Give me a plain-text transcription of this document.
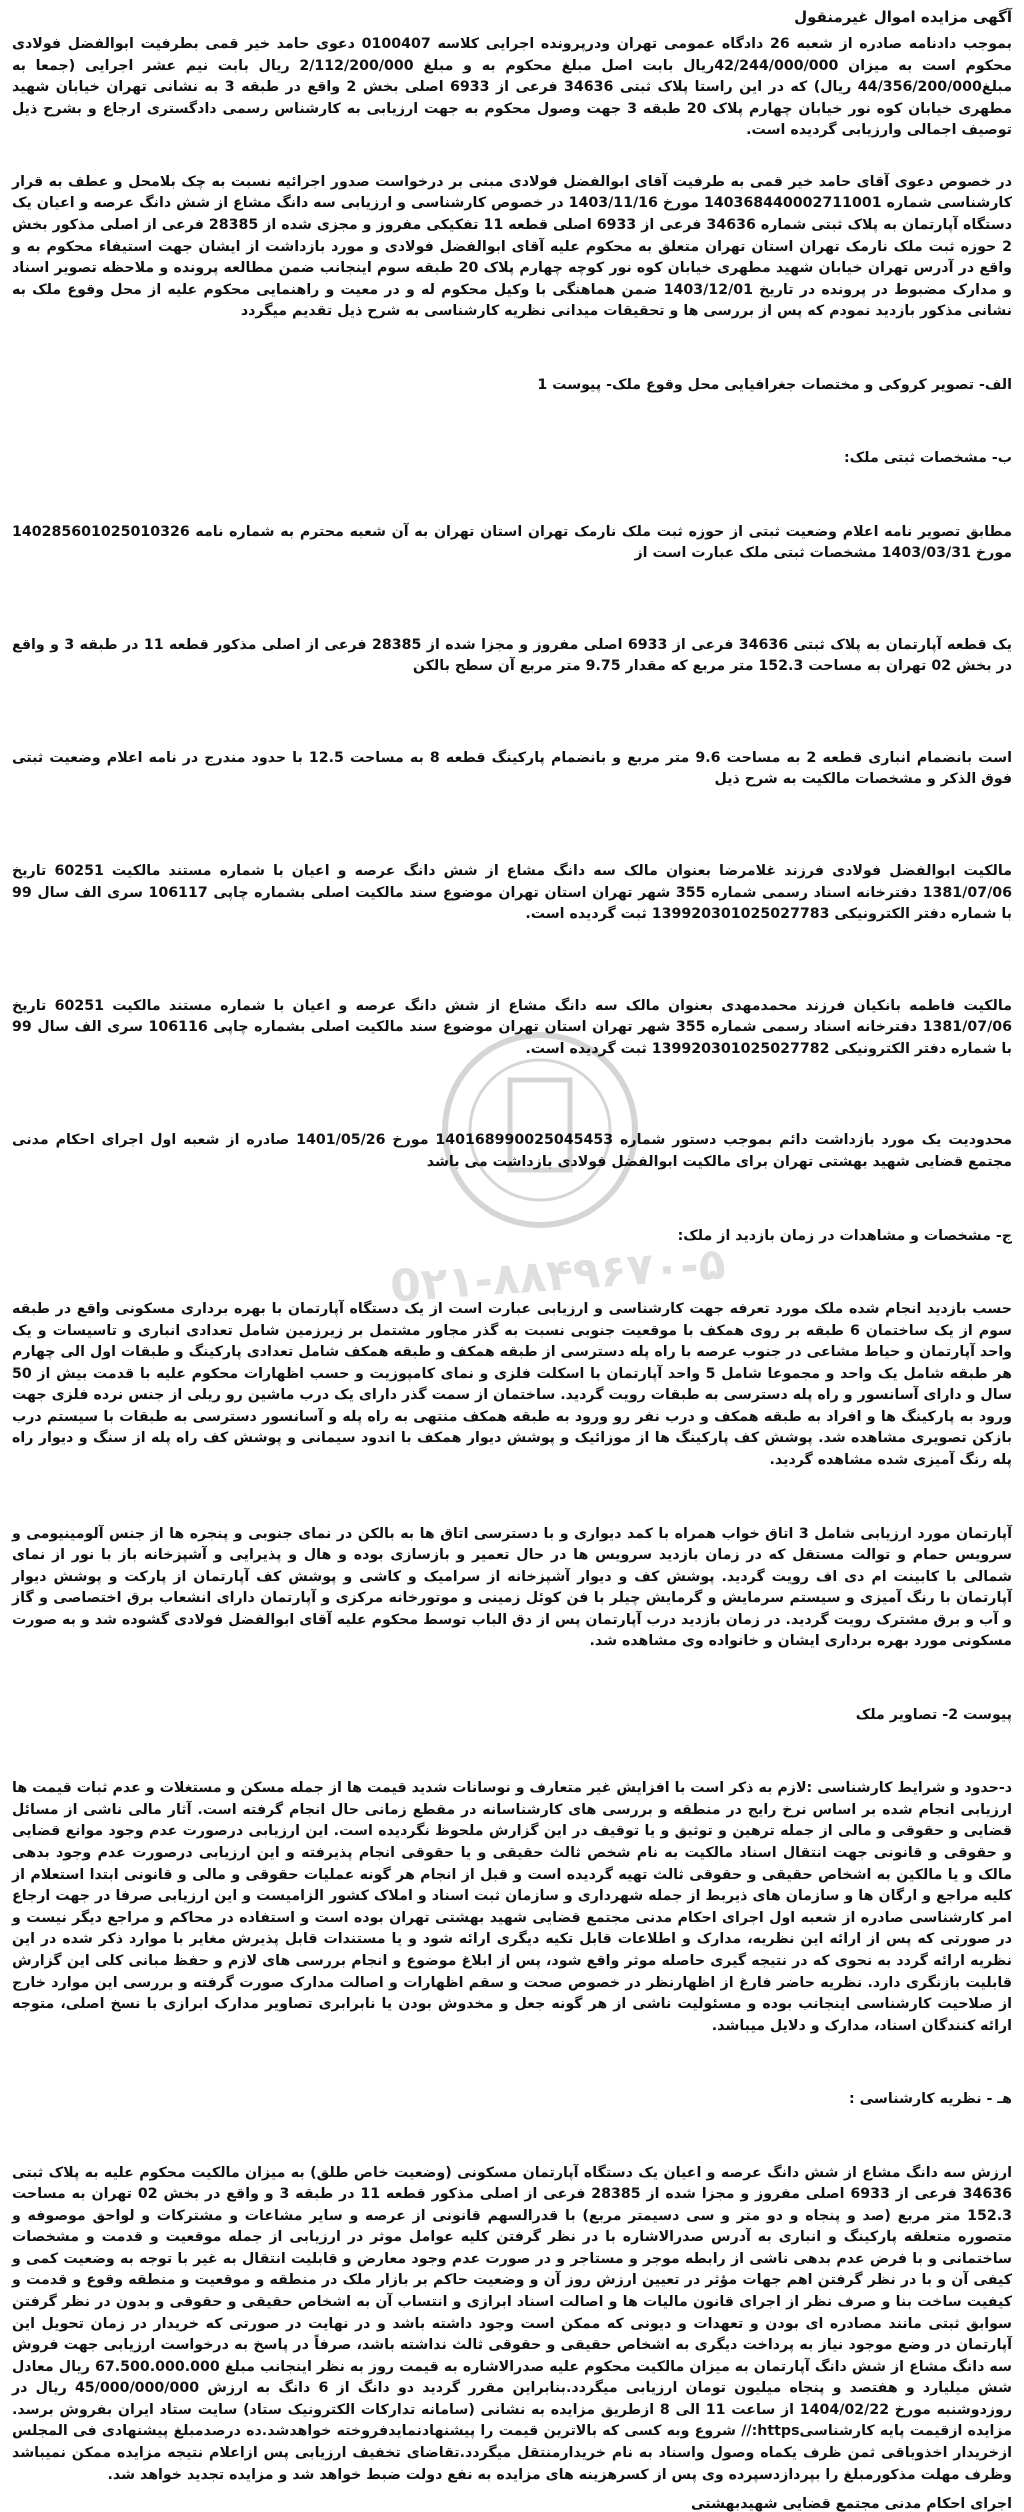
آگهی مزایده اموال غیرمنقول

بموجب دادنامه صادره از شعبه 26 دادگاه عمومی تهران ودرپرونده اجرایی کلاسه 0100407 دعوی حامد خیر قمی بطرفیت ابوالفضل فولادی محکوم است به میزان 42/244/000/000ریال بابت اصل مبلغ محکوم به و مبلغ 2/112/200/000 ریال بابت نیم عشر اجرایی (جمعا به مبلغ44/356/200/000 ریال) که در این راستا پلاک ثبتی 34636 فرعی از 6933 اصلی بخش 2 واقع در طبقه 3 به نشانی تهران خیابان شهید مطهری خیابان کوه نور خیابان چهارم پلاک 20 طبقه 3 جهت وصول محکوم به جهت ارزیابی به کارشناس رسمی دادگستری ارجاع و بشرح ذیل توصیف اجمالی وارزیابی گردیده است.

در خصوص دعوی آقای حامد خیر قمی به طرفیت آقای ابوالفضل فولادی مبنی بر درخواست صدور اجرائیه نسبت به چک بلامحل و عطف به قرار کارشناسی شماره 140368440002711001 مورخ 1403/11/16 در خصوص کارشناسی و ارزیابی سه دانگ مشاع از شش دانگ عرصه و اعیان یک دستگاه آپارتمان به پلاک ثبتی شماره 34636 فرعی از 6933 اصلی قطعه 11 تفکیکی مفروز و مجزی شده از 28385 فرعی از اصلی مذکور بخش 2 حوزه ثبت ملک نارمک تهران استان تهران متعلق به محکوم علیه آقای ابوالفضل فولادی و مورد بازداشت از ایشان جهت استیفاء محکوم به و واقع در آدرس تهران خیابان شهید مطهری خیابان کوه نور کوچه چهارم پلاک 20 طبقه سوم اینجانب ضمن مطالعه پرونده و ملاحظه تصویر اسناد و مدارک مضبوط در پرونده در تاریخ 1403/12/01 ضمن هماهنگی با وکیل محکوم له و در معیت و راهنمایی محکوم علیه از محل وقوع ملک به نشانی مذکور بازدید نمودم که پس از بررسی ها و تحقیقات میدانی نظریه کارشناسی به شرح ذیل تقدیم میگردد

الف- تصویر کروکی و مختصات جغرافیایی محل وقوع ملک- پیوست 1
ب- مشخصات ثبتی ملک:

مطابق تصویر نامه اعلام وضعیت ثبتی از حوزه ثبت ملک نارمک تهران استان تهران به آن شعبه محترم به شماره نامه 140285601025010326 مورخ 1403/03/31 مشخصات ثبتی ملک عبارت است از

یک قطعه آپارتمان به پلاک ثبتی 34636 فرعی از 6933 اصلی مفروز و مجزا شده از 28385 فرعی از اصلی مذکور قطعه 11 در طبقه 3 و واقع در بخش 02 تهران به مساحت 152.3 متر مربع که مقدار 9.75 متر مربع آن سطح بالکن

است بانضمام انباری قطعه 2 به مساحت 9.6 متر مربع و بانضمام پارکینگ قطعه 8 به مساحت 12.5 با حدود مندرج در نامه اعلام وضعیت ثبتی فوق الذکر و مشخصات مالکیت به شرح ذیل

مالکیت ابوالفضل فولادی فرزند غلامرضا بعنوان مالک سه دانگ مشاع از شش دانگ عرصه و اعیان با شماره مستند مالکیت 60251 تاریخ 1381/07/06 دفترخانه اسناد رسمی شماره 355 شهر تهران استان تهران موضوع سند مالکیت اصلی بشماره چاپی 106117 سری الف سال 99 با شماره دفتر الکترونیکی 139920301025027783 ثبت گردیده است.

مالکیت فاطمه بانکیان فرزند محمدمهدی بعنوان مالک سه دانگ مشاع از شش دانگ عرصه و اعیان با شماره مستند مالکیت 60251 تاریخ 1381/07/06 دفترخانه اسناد رسمی شماره 355 شهر تهران استان تهران موضوع سند مالکیت اصلی بشماره چاپی 106116 سری الف سال 99 با شماره دفتر الکترونیکی 139920301025027782 ثبت گردیده است.

محدودیت یک مورد بازداشت دائم بموجب دستور شماره 140168990025045453 مورخ 1401/05/26 صادره از شعبه اول اجرای احکام مدنی مجتمع قضایی شهید بهشتی تهران برای مالکیت ابوالفضل فولادی بازداشت می باشد

ج- مشخصات و مشاهدات در زمان بازدید از ملک:

حسب بازدید انجام شده ملک مورد تعرفه جهت کارشناسی و ارزیابی عبارت است از یک دستگاه آپارتمان با بهره برداری مسکونی واقع در طبقه سوم از یک ساختمان 6 طبقه بر روی همکف با موقعیت جنوبی نسبت به گذر مجاور مشتمل بر زیرزمین شامل تعدادی انباری و تاسیسات و یک واحد آپارتمان و حیاط مشاعی در جنوب عرصه با راه پله دسترسی از طبقه همکف و طبقه همکف شامل تعدادی پارکینگ و طبقات اول الی چهارم هر طبقه شامل یک واحد و مجموعا شامل 5 واحد آپارتمان با اسکلت فلزی و نمای کامپوزیت و حسب اظهارات محکوم علیه با قدمت بیش از 50 سال و دارای آسانسور و راه پله دسترسی به طبقات رویت گردید. ساختمان از سمت گذر دارای یک درب ماشین رو ریلی از جنس نرده فلزی جهت ورود به پارکینگ ها و افراد به طبقه همکف و درب نفر رو ورود به طبقه همکف منتهی به راه پله و آسانسور دسترسی به طبقات با سیستم درب بازکن تصویری مشاهده شد. پوشش کف پارکینگ ها از موزائیک و پوشش دیوار همکف با اندود سیمانی و پوشش کف راه پله از سنگ و دیوار راه پله رنگ آمیزی شده مشاهده گردید.

آپارتمان مورد ارزیابی شامل 3 اتاق خواب همراه با کمد دیواری و با دسترسی اتاق ها به بالکن در نمای جنوبی و پنجره ها از جنس آلومینیومی و سرویس حمام و توالت مستقل که در زمان بازدید سرویس ها در حال تعمیر و بازسازی بوده و هال و پذیرایی و آشپزخانه باز با نور از نمای شمالی با کابینت ام دی اف رویت گردید. پوشش کف و دیوار آشپزخانه از سرامیک و کاشی و پوشش کف آپارتمان از پارکت و پوشش دیوار آپارتمان با رنگ آمیزی و سیستم سرمایش و گرمایش چیلر با فن کوئل زمینی و موتورخانه مرکزی و آپارتمان دارای انشعاب برق اختصاصی و گاز و آب و برق مشترک رویت گردید. در زمان بازدید درب آپارتمان پس از دق الباب توسط محکوم علیه آقای ابوالفضل فولادی گشوده شد و به صورت مسکونی مورد بهره برداری ایشان و خانواده وی مشاهده شد.

پیوست 2- تصاویر ملک

د-حدود و شرایط کارشناسی :لازم به ذکر است با افزایش غیر متعارف و نوسانات شدید قیمت ها از جمله مسکن و مستغلات و عدم ثبات قیمت ها ارزیابی انجام شده بر اساس نرخ رایج در منطقه و بررسی های کارشناسانه در مقطع زمانی حال انجام گرفته است. آثار مالی ناشی از مسائل قضایی و حقوقی و مالی از جمله ترهین و توثیق و یا توقیف در این گزارش ملحوظ نگردیده است. این ارزیابی درصورت عدم وجود موانع قضایی و حقوقی و قانونی جهت انتقال اسناد مالکیت به نام شخص ثالث حقیقی و یا حقوقی انجام پذیرفته و این ارزیابی درصورت عدم وجود بدهی مالک و یا مالکین به اشخاص حقیقی و حقوقی ثالث تهیه گردیده است و قبل از انجام هر گونه عملیات حقوقی و مالی و قانونی ابتدا استعلام از کلیه مراجع و ارگان ها و سازمان های ذیربط از جمله شهرداری و سازمان ثبت اسناد و املاک کشور الزامیست و این ارزیابی صرفا در جهت ارجاع امر کارشناسی صادره از شعبه اول اجرای احکام مدنی مجتمع قضایی شهید بهشتی تهران بوده است و استفاده در محاکم و مراجع دیگر نیست و در صورتی که پس از ارائه این نظریه، مدارک و اطلاعات قابل تکیه دیگری ارائه شود و یا مستندات قابل پذیرش مغایر با موارد ذکر شده در این نظریه ارائه گردد به نحوی که در نتیجه گیری حاصله موثر واقع شود، پس از ابلاغ موضوع و انجام بررسی های لازم و حفظ مبانی کلی این گزارش قابلیت بازنگری دارد. نظریه حاضر فارغ از اظهارنظر در خصوص صحت و سقم اظهارات و اصالت مدارک صورت گرفته و بررسی این موارد خارج از صلاحیت کارشناسی اینجانب بوده و مسئولیت ناشی از هر گونه جعل و مخدوش بودن یا نابرابری تصاویر مدارک ابرازی با نسخ اصلی، متوجه ارائه کنندگان اسناد، مدارک و دلایل میباشد.

هـ - نظریه کارشناسی :

ارزش سه دانگ مشاع از شش دانگ عرصه و اعیان یک دستگاه آپارتمان مسکونی (وضعیت خاص طلق) به میزان مالکیت محکوم علیه به پلاک ثبتی 34636 فرعی از 6933 اصلی مفروز و مجزا شده از 28385 فرعی از اصلی مذکور قطعه 11 در طبقه 3 و واقع در بخش 02 تهران به مساحت 152.3 متر مربع (صد و پنجاه و دو متر و سی دسیمتر مربع) با قدرالسهم قانونی از عرصه و سایر مشاعات و مشترکات و لواحق موصوفه و متصوره متعلقه پارکینگ و انباری به آدرس صدرالاشاره با در نظر گرفتن کلیه عوامل موثر در ارزیابی از جمله موقعیت و قدمت و مشخصات ساختمانی و با فرض عدم بدهی ناشی از رابطه موجر و مستاجر و در صورت عدم وجود معارض و قابلیت انتقال به غیر با توجه به وضعیت کمی و کیفی آن و با در نظر گرفتن اهم جهات مؤثر در تعیین ارزش روز آن و وضعیت حاکم بر بازار ملک در منطقه و موقعیت و منطقه وقوع و قدمت و کیفیت ساخت بنا و صرف نظر از اجرای قانون مالیات ها و اصالت اسناد ابرازی و انتساب آن به اشخاص حقیقی و حقوقی و بدون در نظر گرفتن سوابق ثبتی مانند مصادره ای بودن و تعهدات و دیونی که ممکن است وجود داشته باشد و در نهایت در صورتی که خریدار در زمان تحویل این آپارتمان در وضع موجود نیاز به پرداخت دیگری به اشخاص حقیقی و حقوقی ثالث نداشته باشد، صرفاً در پاسخ به درخواست ارزیابی جهت فروش سه دانگ مشاع از شش دانگ آپارتمان به میزان مالکیت محکوم علیه صدرالاشاره به قیمت روز به نظر اینجانب مبلغ 67.500.000.000 ریال معادل شش میلیارد و هفتصد و پنجاه میلیون تومان ارزیابی میگردد.بنابراین مقرر گردید دو دانگ از 6 دانگ به ارزش 45/000/000/000 ریال در روزدوشنبه مورخ 1404/02/22 از ساعت 11 الی 8 ازطریق مزایده به نشانی (سامانه تدارکات الکترونیک ستاد) سایت ستاد ایران بفروش برسد. مزایده ازقیمت پایه کارشناسیhttps:// شروع وبه کسی که بالاترین قیمت را پیشنهادنمایدفروخته خواهدشد.ده درصدمبلغ پیشنهادی فی المجلس ازخریدار اخذوباقی ثمن ظرف یکماه وصول واسناد به نام خریدارمنتقل میگردد.تقاضای تخفیف ارزیابی پس ازاعلام نتیجه مزایده ممکن نمیباشد وظرف مهلت مذکورمبلغ را بپردازدسپرده وی پس از کسرهزینه های مزایده به نفع دولت ضبط خواهد شد و مزایده تجدید خواهد شد.

اجرای احکام مدنی مجتمع قضایی شهیدبهشتی
0۲۱-۸۸۴۹۶۷۰-۵
